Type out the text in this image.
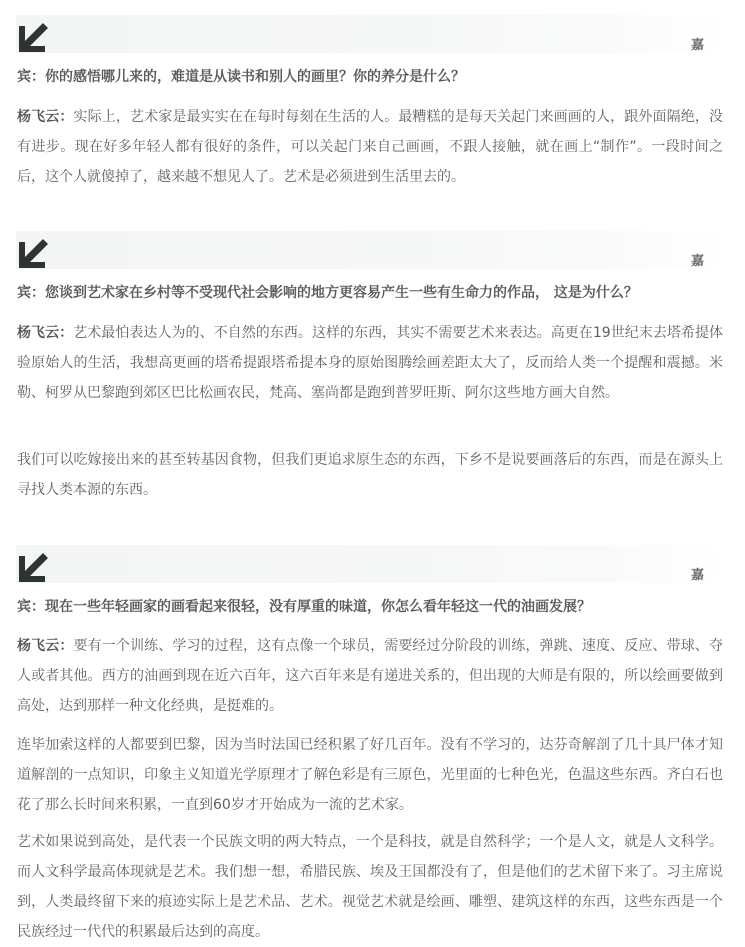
嘉
宾：你的感悟哪儿来的，难道是从读书和别人的画里？你的养分是什么？

杨飞云：实际上，艺术家是最实实在在每时每刻在生活的人。最糟糕的是每天关起门来画画的人，跟外面隔绝，没有进步。现在好多年轻人都有很好的条件，可以关起门来自己画画，不跟人接触，就在画上“制作”。一段时间之后，这个人就傻掉了，越来越不想见人了。艺术是必须进到生活里去的。

嘉
宾：您谈到艺术家在乡村等不受现代社会影响的地方更容易产生一些有生命力的作品， 这是为什么？

杨飞云：艺术最怕表达人为的、不自然的东西。这样的东西，其实不需要艺术来表达。高更在19世纪末去塔希提体验原始人的生活，我想高更画的塔希提跟塔希提本身的原始图腾绘画差距太大了，反而给人类一个提醒和震撼。米勒、柯罗从巴黎跑到郊区巴比松画农民，梵高、塞尚都是跑到普罗旺斯、阿尔这些地方画大自然。

我们可以吃嫁接出来的甚至转基因食物，但我们更追求原生态的东西，下乡不是说要画落后的东西，而是在源头上寻找人类本源的东西。

嘉
宾：现在一些年轻画家的画看起来很轻，没有厚重的味道，你怎么看年轻这一代的油画发展？

杨飞云：要有一个训练、学习的过程，这有点像一个球员，需要经过分阶段的训练，弹跳、速度、反应、带球、夺人或者其他。西方的油画到现在近六百年，这六百年来是有递进关系的，但出现的大师是有限的，所以绘画要做到高处，达到那样一种文化经典，是挺难的。

连毕加索这样的人都要到巴黎，因为当时法国已经积累了好几百年。没有不学习的，达芬奇解剖了几十具尸体才知道解剖的一点知识，印象主义知道光学原理才了解色彩是有三原色，光里面的七种色光，色温这些东西。齐白石也花了那么长时间来积累，一直到60岁才开始成为一流的艺术家。

艺术如果说到高处，是代表一个民族文明的两大特点，一个是科技，就是自然科学；一个是人文，就是人文科学。而人文科学最高体现就是艺术。我们想一想，希腊民族、埃及王国都没有了，但是他们的艺术留下来了。习主席说到，人类最终留下来的痕迹实际上是艺术品、艺术。视觉艺术就是绘画、雕塑、建筑这样的东西，这些东西是一个民族经过一代代的积累最后达到的高度。
